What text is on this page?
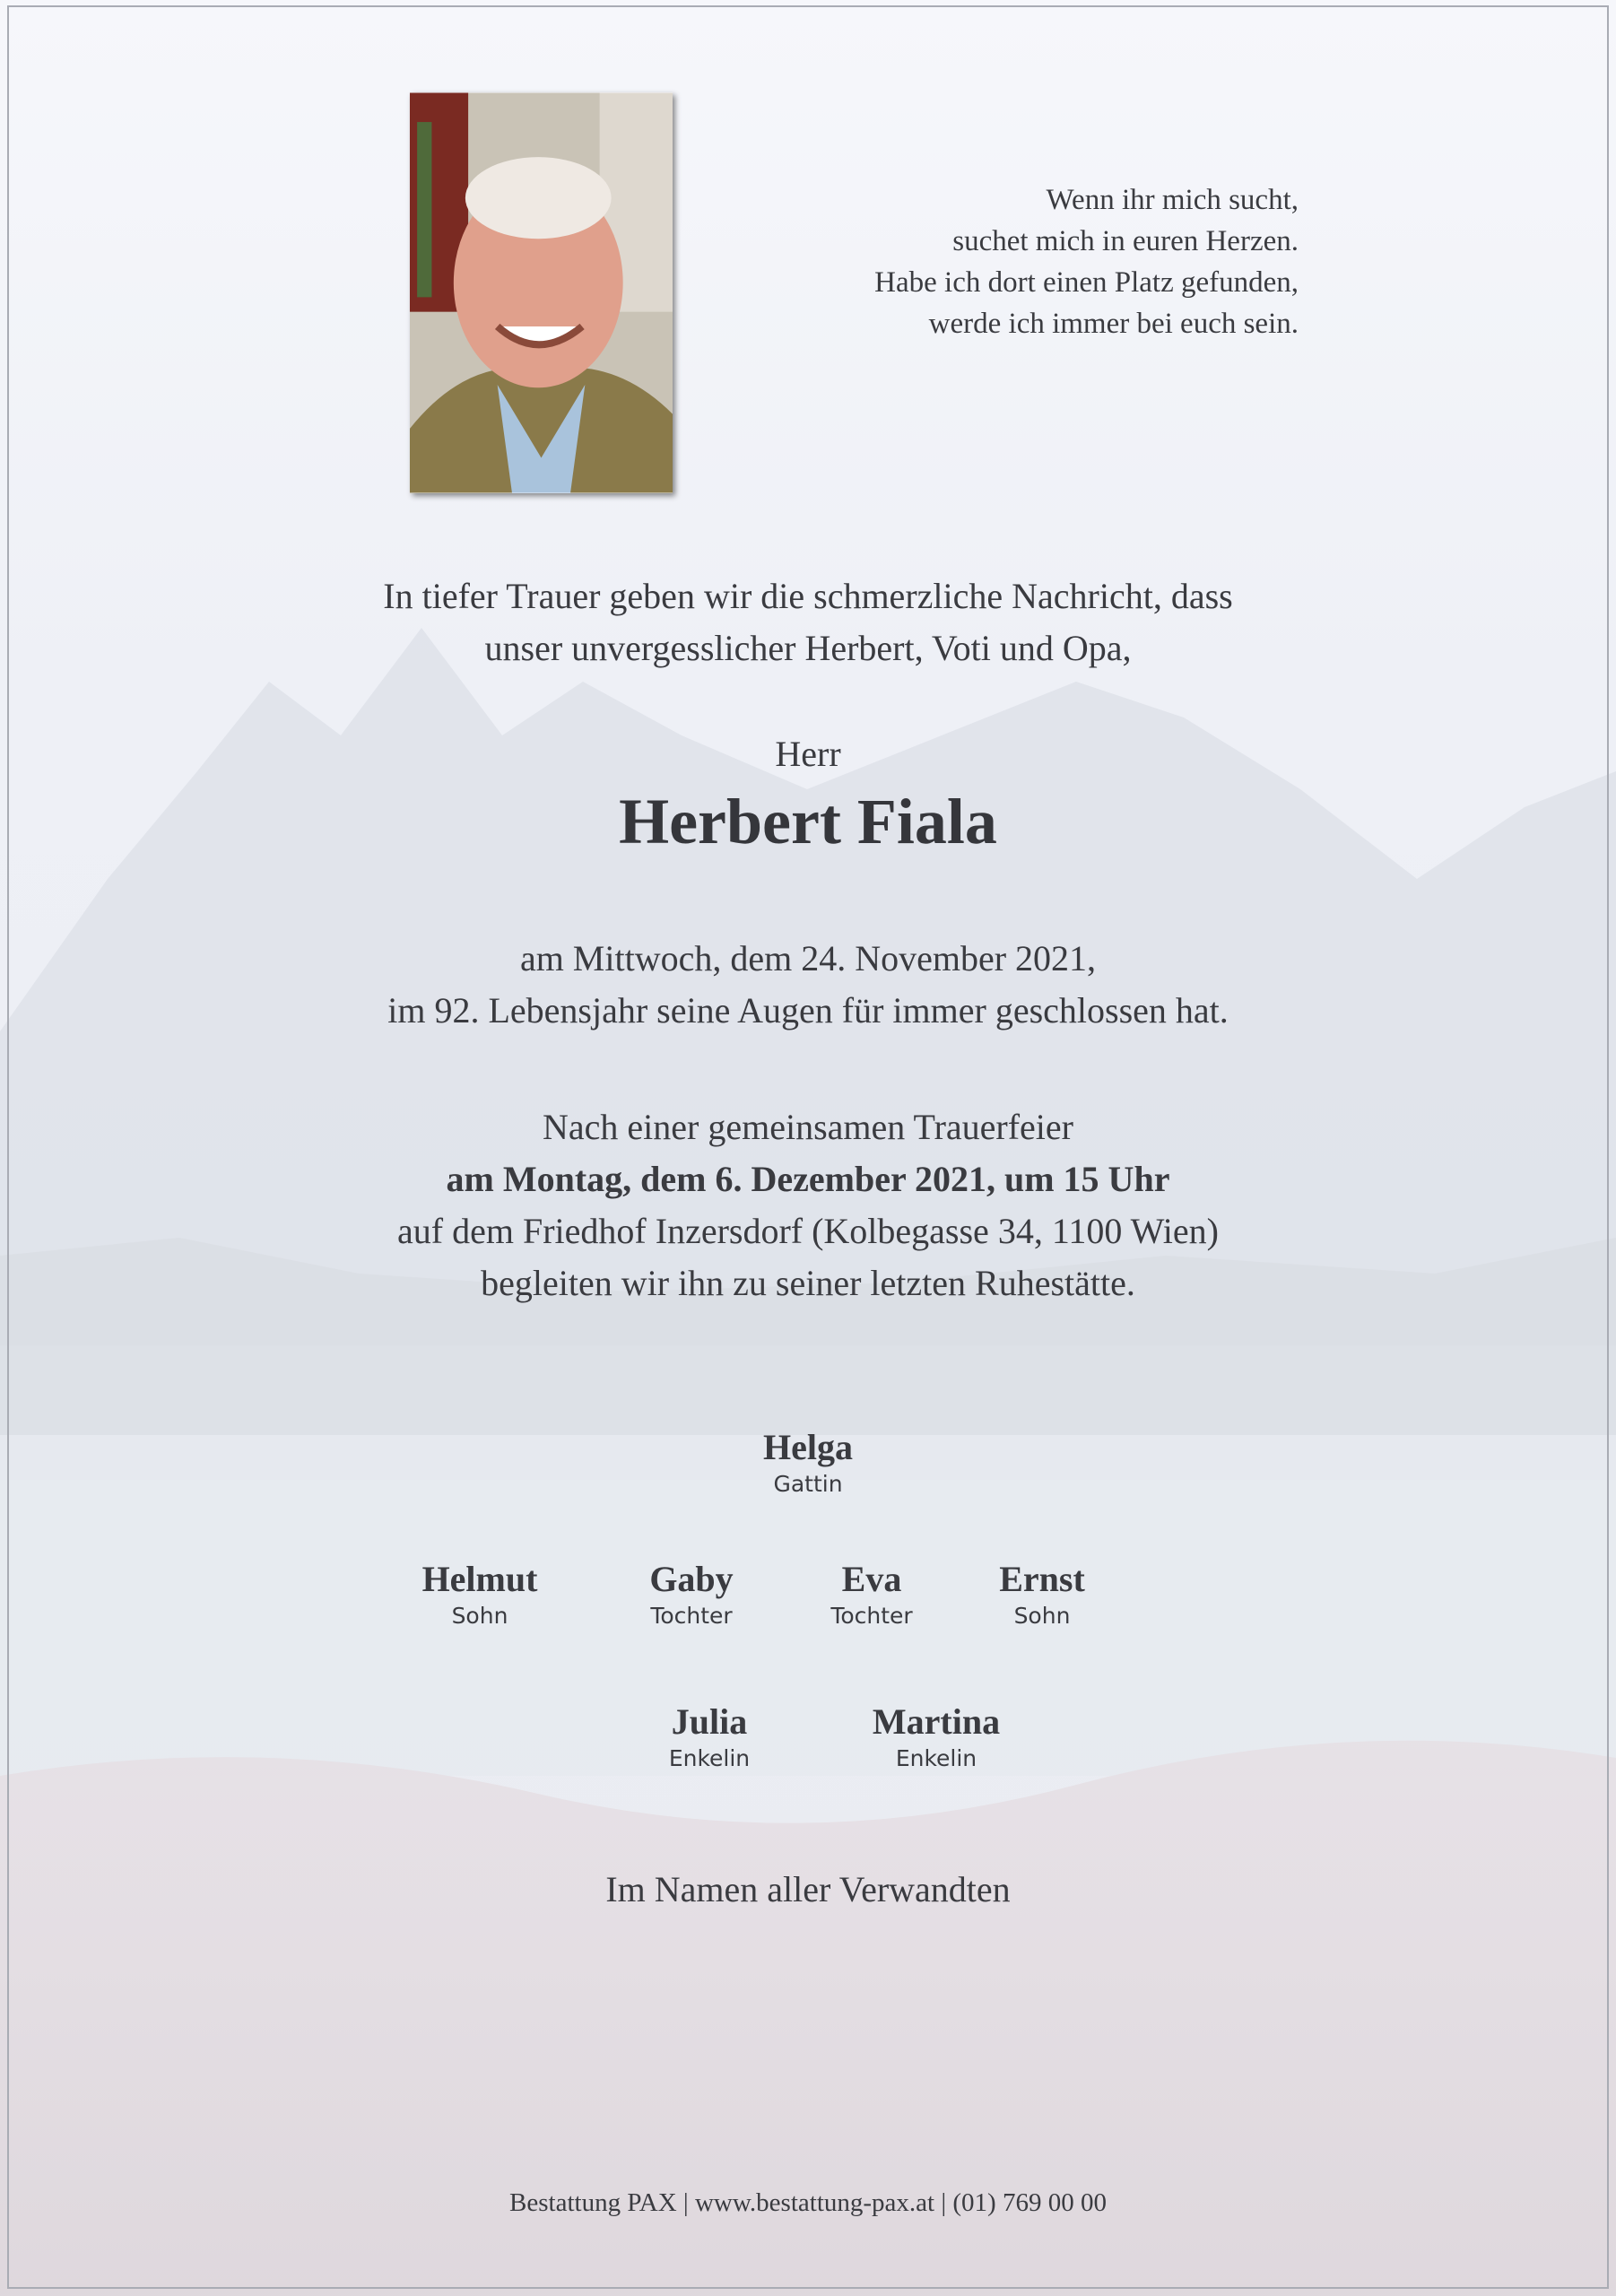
Wenn ihr mich sucht,
suchet mich in euren Herzen.
Habe ich dort einen Platz gefunden,
werde ich immer bei euch sein.
In tiefer Trauer geben wir die schmerzliche Nachricht, dass
unser unvergesslicher Herbert, Voti und Opa,
Herr
Herbert Fiala
am Mittwoch, dem 24. November 2021,
im 92. Lebensjahr seine Augen für immer geschlossen hat.
Nach einer gemeinsamen Trauerfeier
am Montag, dem 6. Dezember 2021, um 15 Uhr
auf dem Friedhof Inzersdorf (Kolbegasse 34, 1100 Wien)
begleiten wir ihn zu seiner letzten Ruhestätte.
Helga
Gattin
Helmut
Sohn
Gaby
Tochter
Eva
Tochter
Ernst
Sohn
Julia
Enkelin
Martina
Enkelin
Im Namen aller Verwandten
Bestattung PAX | www.bestattung-pax.at | (01) 769 00 00
